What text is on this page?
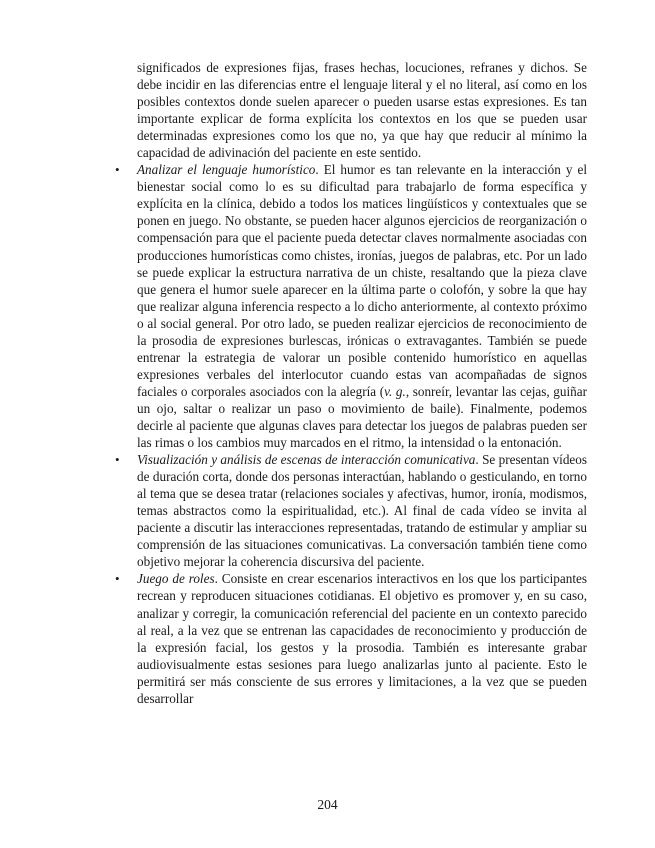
significados de expresiones fijas, frases hechas, locuciones, refranes y dichos. Se debe incidir en las diferencias entre el lenguaje literal y el no literal, así como en los posibles contextos donde suelen aparecer o pueden usarse estas expresiones. Es tan importante explicar de forma explícita los contextos en los que se pueden usar determinadas expresiones como los que no, ya que hay que reducir al mínimo la capacidad de adivinación del paciente en este sentido.

• Analizar el lenguaje humorístico. El humor es tan relevante en la interacción y el bienestar social como lo es su dificultad para trabajarlo de forma específica y explícita en la clínica, debido a todos los matices lingüísticos y contextuales que se ponen en juego. No obstante, se pueden hacer algunos ejercicios de reorganización o compensación para que el paciente pueda detectar claves normalmente asociadas con producciones humorísticas como chistes, ironías, juegos de palabras, etc. Por un lado se puede explicar la estructura narrativa de un chiste, resaltando que la pieza clave que genera el humor suele aparecer en la última parte o colofón, y sobre la que hay que realizar alguna inferencia respecto a lo dicho anteriormente, al contexto próximo o al social general. Por otro lado, se pueden realizar ejercicios de reconocimiento de la prosodia de expresiones burlescas, irónicas o extravagantes. También se puede entrenar la estrategia de valorar un posible contenido humorístico en aquellas expresiones verbales del interlocutor cuando estas van acompañadas de signos faciales o corporales asociados con la alegría (v. g., sonreír, levantar las cejas, guiñar un ojo, saltar o realizar un paso o movimiento de baile). Finalmente, podemos decirle al paciente que algunas claves para detectar los juegos de palabras pueden ser las rimas o los cambios muy marcados en el ritmo, la intensidad o la entonación.
• Visualización y análisis de escenas de interacción comunicativa. Se presentan vídeos de duración corta, donde dos personas interactúan, hablando o gesticulando, en torno al tema que se desea tratar (relaciones sociales y afectivas, humor, ironía, modismos, temas abstractos como la espiritualidad, etc.). Al final de cada vídeo se invita al paciente a discutir las interacciones representadas, tratando de estimular y ampliar su comprensión de las situaciones comunicativas. La conversación también tiene como objetivo mejorar la coherencia discursiva del paciente.
• Juego de roles. Consiste en crear escenarios interactivos en los que los participantes recrean y reproducen situaciones cotidianas. El objetivo es promover y, en su caso, analizar y corregir, la comunicación referencial del paciente en un contexto parecido al real, a la vez que se entrenan las capacidades de reconocimiento y producción de la expresión facial, los gestos y la prosodia. También es interesante grabar audiovisualmente estas sesiones para luego analizarlas junto al paciente. Esto le permitirá ser más consciente de sus errores y limitaciones, a la vez que se pueden desarrollar
204
